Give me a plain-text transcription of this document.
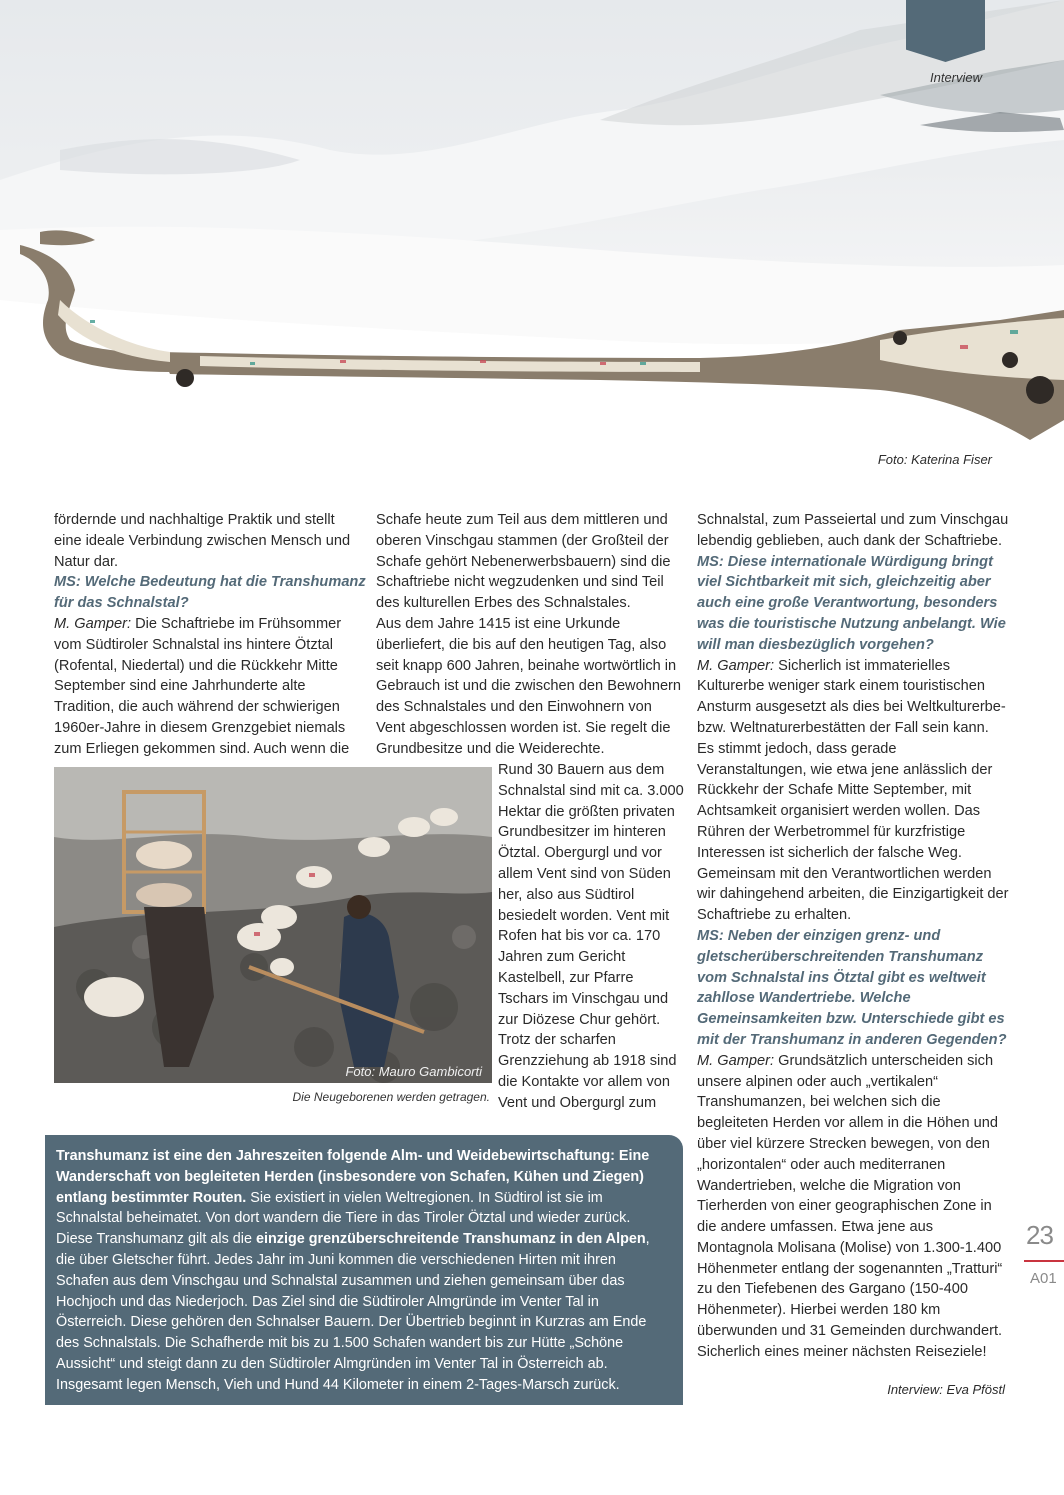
Foto: Katerina Fiser
Interview

fördernde und nachhaltige Praktik und stellt eine ideale Verbindung zwischen Mensch und Natur dar.

MS: Welche Bedeutung hat die Transhumanz für das Schnalstal?

M. Gamper: Die Schaftriebe im Frühsommer vom Südtiroler Schnalstal ins hintere Ötztal (Rofental, Niedertal) und die Rückkehr Mitte September sind eine Jahrhunderte alte Tradition, die auch während der schwierigen 1960er-Jahre in diesem Grenzgebiet niemals zum Erliegen gekommen sind. Auch wenn die

Schafe heute zum Teil aus dem mittleren und oberen Vinschgau stammen (der Großteil der Schafe gehört Nebenerwerbsbauern) sind die Schaftriebe nicht wegzudenken und sind Teil des kulturellen Erbes des Schnalstales.

Aus dem Jahre 1415 ist eine Urkunde überliefert, die bis auf den heutigen Tag, also seit knapp 600 Jahren, beinahe wortwörtlich in Gebrauch ist und die zwischen den Bewohnern des Schnalstales und den Einwohnern von Vent abgeschlossen worden ist. Sie regelt die Grundbesitze und die Weiderechte.

Rund 30 Bauern aus dem Schnalstal sind mit ca. 3.000 Hektar die größten privaten Grundbesitzer im hinteren Ötztal. Obergurgl und vor allem Vent sind von Süden her, also aus Südtirol besiedelt worden. Vent mit Rofen hat bis vor ca. 170 Jahren zum Gericht Kastelbell, zur Pfarre Tschars im Vinschgau und zur Diözese Chur gehört. Trotz der scharfen Grenzziehung ab 1918 sind die Kontakte vor allem von Vent und Obergurgl zum

Foto: Mauro Gambicorti
Die Neugeborenen werden getragen.

Schnalstal, zum Passeiertal und zum Vinschgau lebendig geblieben, auch dank der Schaftriebe.

MS: Diese internationale Würdigung bringt viel Sichtbarkeit mit sich, gleichzeitig aber auch eine große Verantwortung, besonders was die touristische Nutzung anbelangt. Wie will man diesbezüglich vorgehen?

M. Gamper: Sicherlich ist immaterielles Kulturerbe weniger stark einem touristischen Ansturm ausgesetzt als dies bei Weltkulturerbe- bzw. Weltnaturerbestätten der Fall sein kann. Es stimmt jedoch, dass gerade Veranstaltungen, wie etwa jene anlässlich der Rückkehr der Schafe Mitte September, mit Achtsamkeit organisiert werden wollen. Das Rühren der Werbetrommel für kurzfristige Interessen ist sicherlich der falsche Weg. Gemeinsam mit den Verantwortlichen werden wir dahingehend arbeiten, die Einzigartigkeit der Schaftriebe zu erhalten.

MS: Neben der einzigen grenz- und gletscherüberschreitenden Transhumanz vom Schnalstal ins Ötztal gibt es weltweit zahllose Wandertriebe. Welche Gemeinsamkeiten bzw. Unterschiede gibt es mit der Transhumanz in anderen Gegenden?

M. Gamper: Grundsätzlich unterscheiden sich unsere alpinen oder auch „vertikalen“ Transhumanzen, bei welchen sich die begleiteten Herden vor allem in die Höhen und über viel kürzere Strecken bewegen, von den „horizontalen“ oder auch mediterranen Wandertrieben, welche die Migration von Tierherden von einer geographischen Zone in die andere umfassen. Etwa jene aus Montagnola Molisana (Molise) von 1.300-1.400 Höhenmeter entlang der sogenannten „Tratturi“ zu den Tiefebenen des Gargano (150-400 Höhenmeter). Hierbei werden 180 km überwunden und 31 Gemeinden durchwandert. Sicherlich eines meiner nächsten Reiseziele!

Interview: Eva Pföstl
Transhumanz ist eine den Jahreszeiten folgende Alm- und Weidebewirtschaftung: Eine Wanderschaft von begleiteten Herden (insbesondere von Schafen, Kühen und Ziegen) entlang bestimmter Routen. Sie existiert in vielen Weltregionen. In Südtirol ist sie im Schnalstal beheimatet. Von dort wandern die Tiere in das Tiroler Ötztal und wieder zurück. Diese Transhumanz gilt als die einzige grenzüberschreitende Transhumanz in den Alpen, die über Gletscher führt. Jedes Jahr im Juni kommen die verschiedenen Hirten mit ihren Schafen aus dem Vinschgau und Schnalstal zusammen und ziehen gemeinsam über das Hochjoch und das Niederjoch. Das Ziel sind die Südtiroler Almgründe im Venter Tal in Österreich. Diese gehören den Schnalser Bauern. Der Übertrieb beginnt in Kurzras am Ende des Schnalstals. Die Schafherde mit bis zu 1.500 Schafen wandert bis zur Hütte „Schöne Aussicht“ und steigt dann zu den Südtiroler Almgründen im Venter Tal in Österreich ab. Insgesamt legen Mensch, Vieh und Hund 44 Kilometer in einem 2-Tages-Marsch zurück.
23
A01
